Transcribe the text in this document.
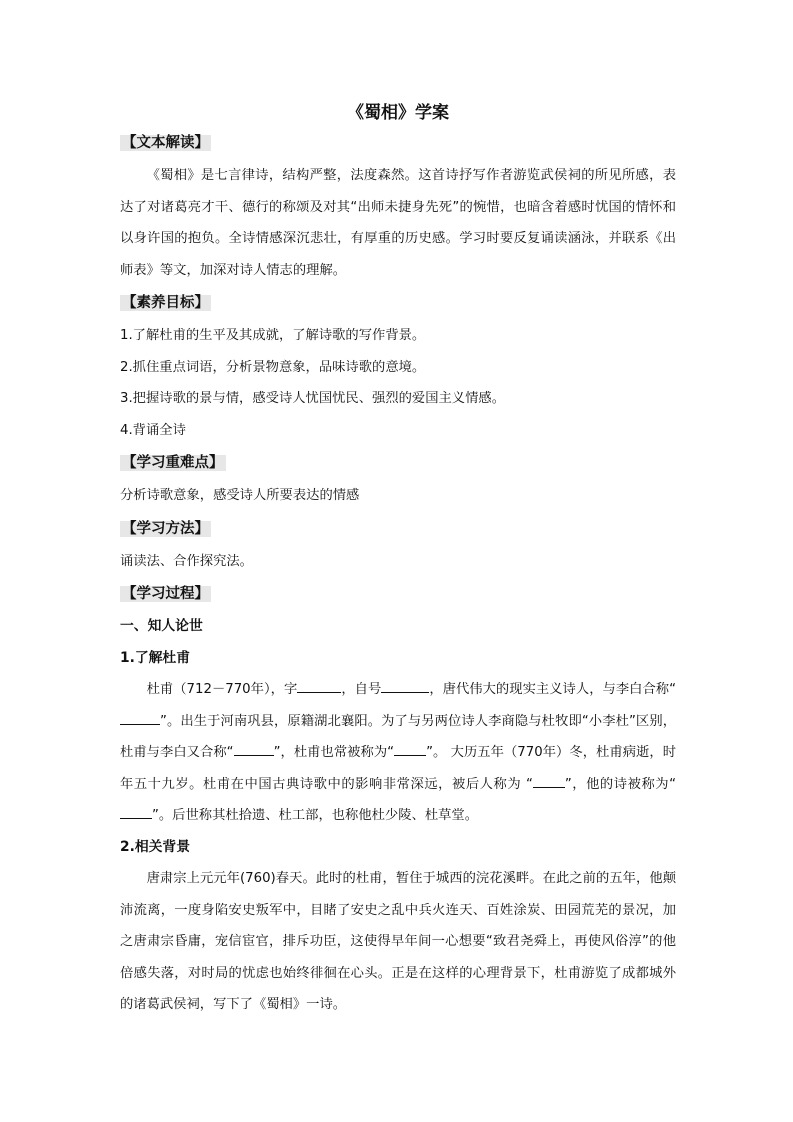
《蜀相》学案
【文本解读】

《蜀相》是七言律诗，结构严整，法度森然。这首诗抒写作者游览武侯祠的所见所感，表达了对诸葛亮才干、德行的称颂及对其“出师未捷身先死”的惋惜，也暗含着感时忧国的情怀和以身许国的抱负。全诗情感深沉悲壮，有厚重的历史感。学习时要反复诵读涵泳，并联系《出师表》等文，加深对诗人情志的理解。

【素养目标】

1.了解杜甫的生平及其成就，了解诗歌的写作背景。

2.抓住重点词语，分析景物意象，品味诗歌的意境。

3.把握诗歌的景与情，感受诗人忧国忧民、强烈的爱国主义情感。

4.背诵全诗

【学习重难点】

分析诗歌意象，感受诗人所要表达的情感

【学习方法】

诵读法、合作探究法。

【学习过程】

一、知人论世

1.了解杜甫

杜甫（712－770年），字	，自号	，唐代伟大的现实主义诗人，与李白合称“”。出生于河南巩县，原籍湖北襄阳。为了与另两位诗人李商隐与杜牧即“小李杜”区别，杜甫与李白又合称“	”，杜甫也常被称为“ ”。 大历五年（770年）冬，杜甫病逝，时年五十九岁。杜甫在中国古典诗歌中的影响非常深远，被后人称为 “ ”，他的诗被称为“”。后世称其杜拾遗、杜工部，也称他杜少陵、杜草堂。

2.相关背景

唐肃宗上元元年(760)春天。此时的杜甫，暂住于城西的浣花溪畔。在此之前的五年，他颠沛流离，一度身陷安史叛军中，目睹了安史之乱中兵火连天、百姓涂炭、田园荒芜的景况，加之唐肃宗昏庸，宠信宦官，排斥功臣，这使得早年间一心想要“致君尧舜上，再使风俗淳”的他倍感失落，对时局的忧虑也始终徘徊在心头。正是在这样的心理背景下，杜甫游览了成都城外的诸葛武侯祠，写下了《蜀相》一诗。
